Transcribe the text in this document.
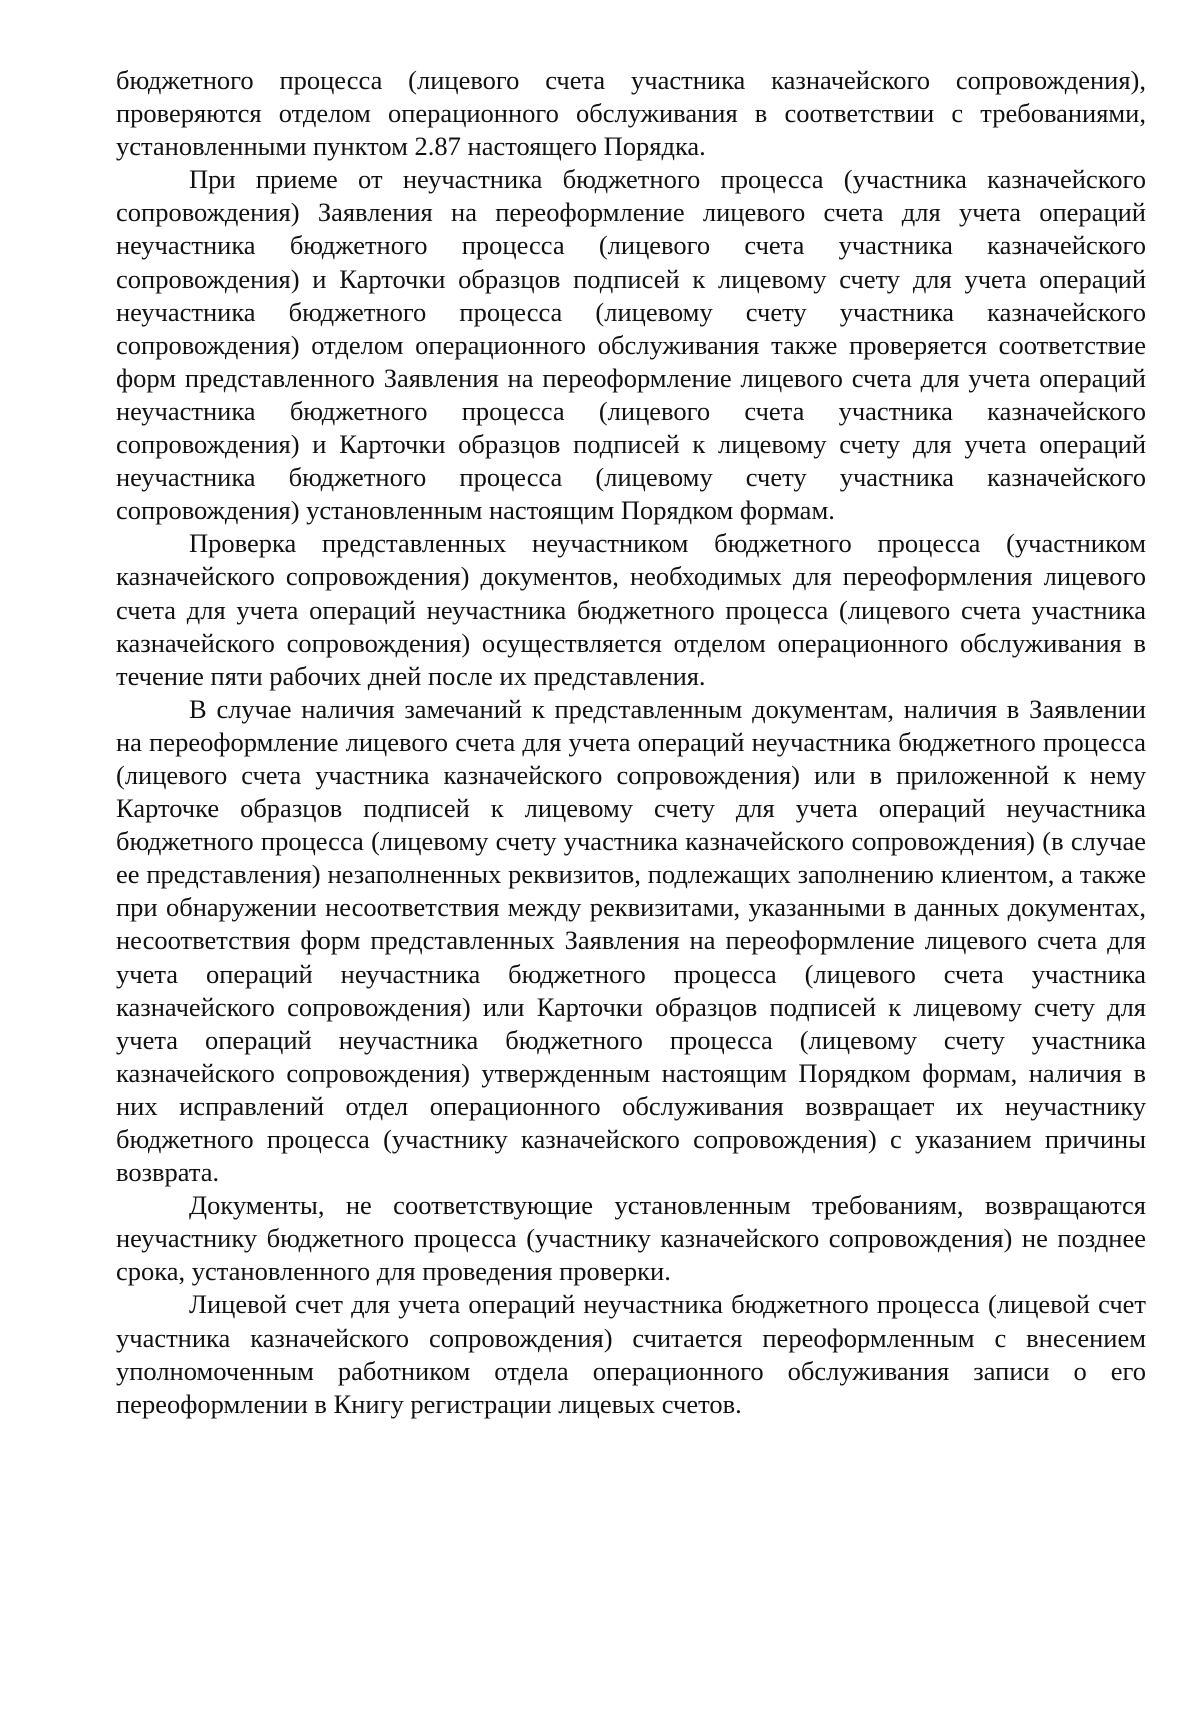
бюджетного процесса (лицевого счета участника казначейского сопровождения), проверяются отделом операционного обслуживания в соответствии с требованиями, установленными пунктом 2.87 настоящего Порядка.

При приеме от неучастника бюджетного процесса (участника казначейского сопровождения) Заявления на переоформление лицевого счета для учета операций неучастника бюджетного процесса (лицевого счета участника казначейского сопровождения) и Карточки образцов подписей к лицевому счету для учета операций неучастника бюджетного процесса (лицевому счету участника казначейского сопровождения) отделом операционного обслуживания также проверяется соответствие форм представленного Заявления на переоформление лицевого счета для учета операций неучастника бюджетного процесса (лицевого счета участника казначейского сопровождения) и Карточки образцов подписей к лицевому счету для учета операций неучастника бюджетного процесса (лицевому счету участника казначейского сопровождения) установленным настоящим Порядком формам.

Проверка представленных неучастником бюджетного процесса (участником казначейского сопровождения) документов, необходимых для переоформления лицевого счета для учета операций неучастника бюджетного процесса (лицевого счета участника казначейского сопровождения) осуществляется отделом операционного обслуживания в течение пяти рабочих дней после их представления.

В случае наличия замечаний к представленным документам, наличия в Заявлении на переоформление лицевого счета для учета операций неучастника бюджетного процесса (лицевого счета участника казначейского сопровождения) или в приложенной к нему Карточке образцов подписей к лицевому счету для учета операций неучастника бюджетного процесса (лицевому счету участника казначейского сопровождения) (в случае ее представления) незаполненных реквизитов, подлежащих заполнению клиентом, а также при обнаружении несоответствия между реквизитами, указанными в данных документах, несоответствия форм представленных Заявления на переоформление лицевого счета для учета операций неучастника бюджетного процесса (лицевого счета участника казначейского сопровождения) или Карточки образцов подписей к лицевому счету для учета операций неучастника бюджетного процесса (лицевому счету участника казначейского сопровождения) утвержденным настоящим Порядком формам, наличия в них исправлений отдел операционного обслуживания возвращает их неучастнику бюджетного процесса (участнику казначейского сопровождения) с указанием причины возврата.

Документы, не соответствующие установленным требованиям, возвращаются неучастнику бюджетного процесса (участнику казначейского сопровождения) не позднее срока, установленного для проведения проверки.

Лицевой счет для учета операций неучастника бюджетного процесса (лицевой счет участника казначейского сопровождения) считается переоформленным с внесением уполномоченным работником отдела операционного обслуживания записи о его переоформлении в Книгу регистрации лицевых счетов.
